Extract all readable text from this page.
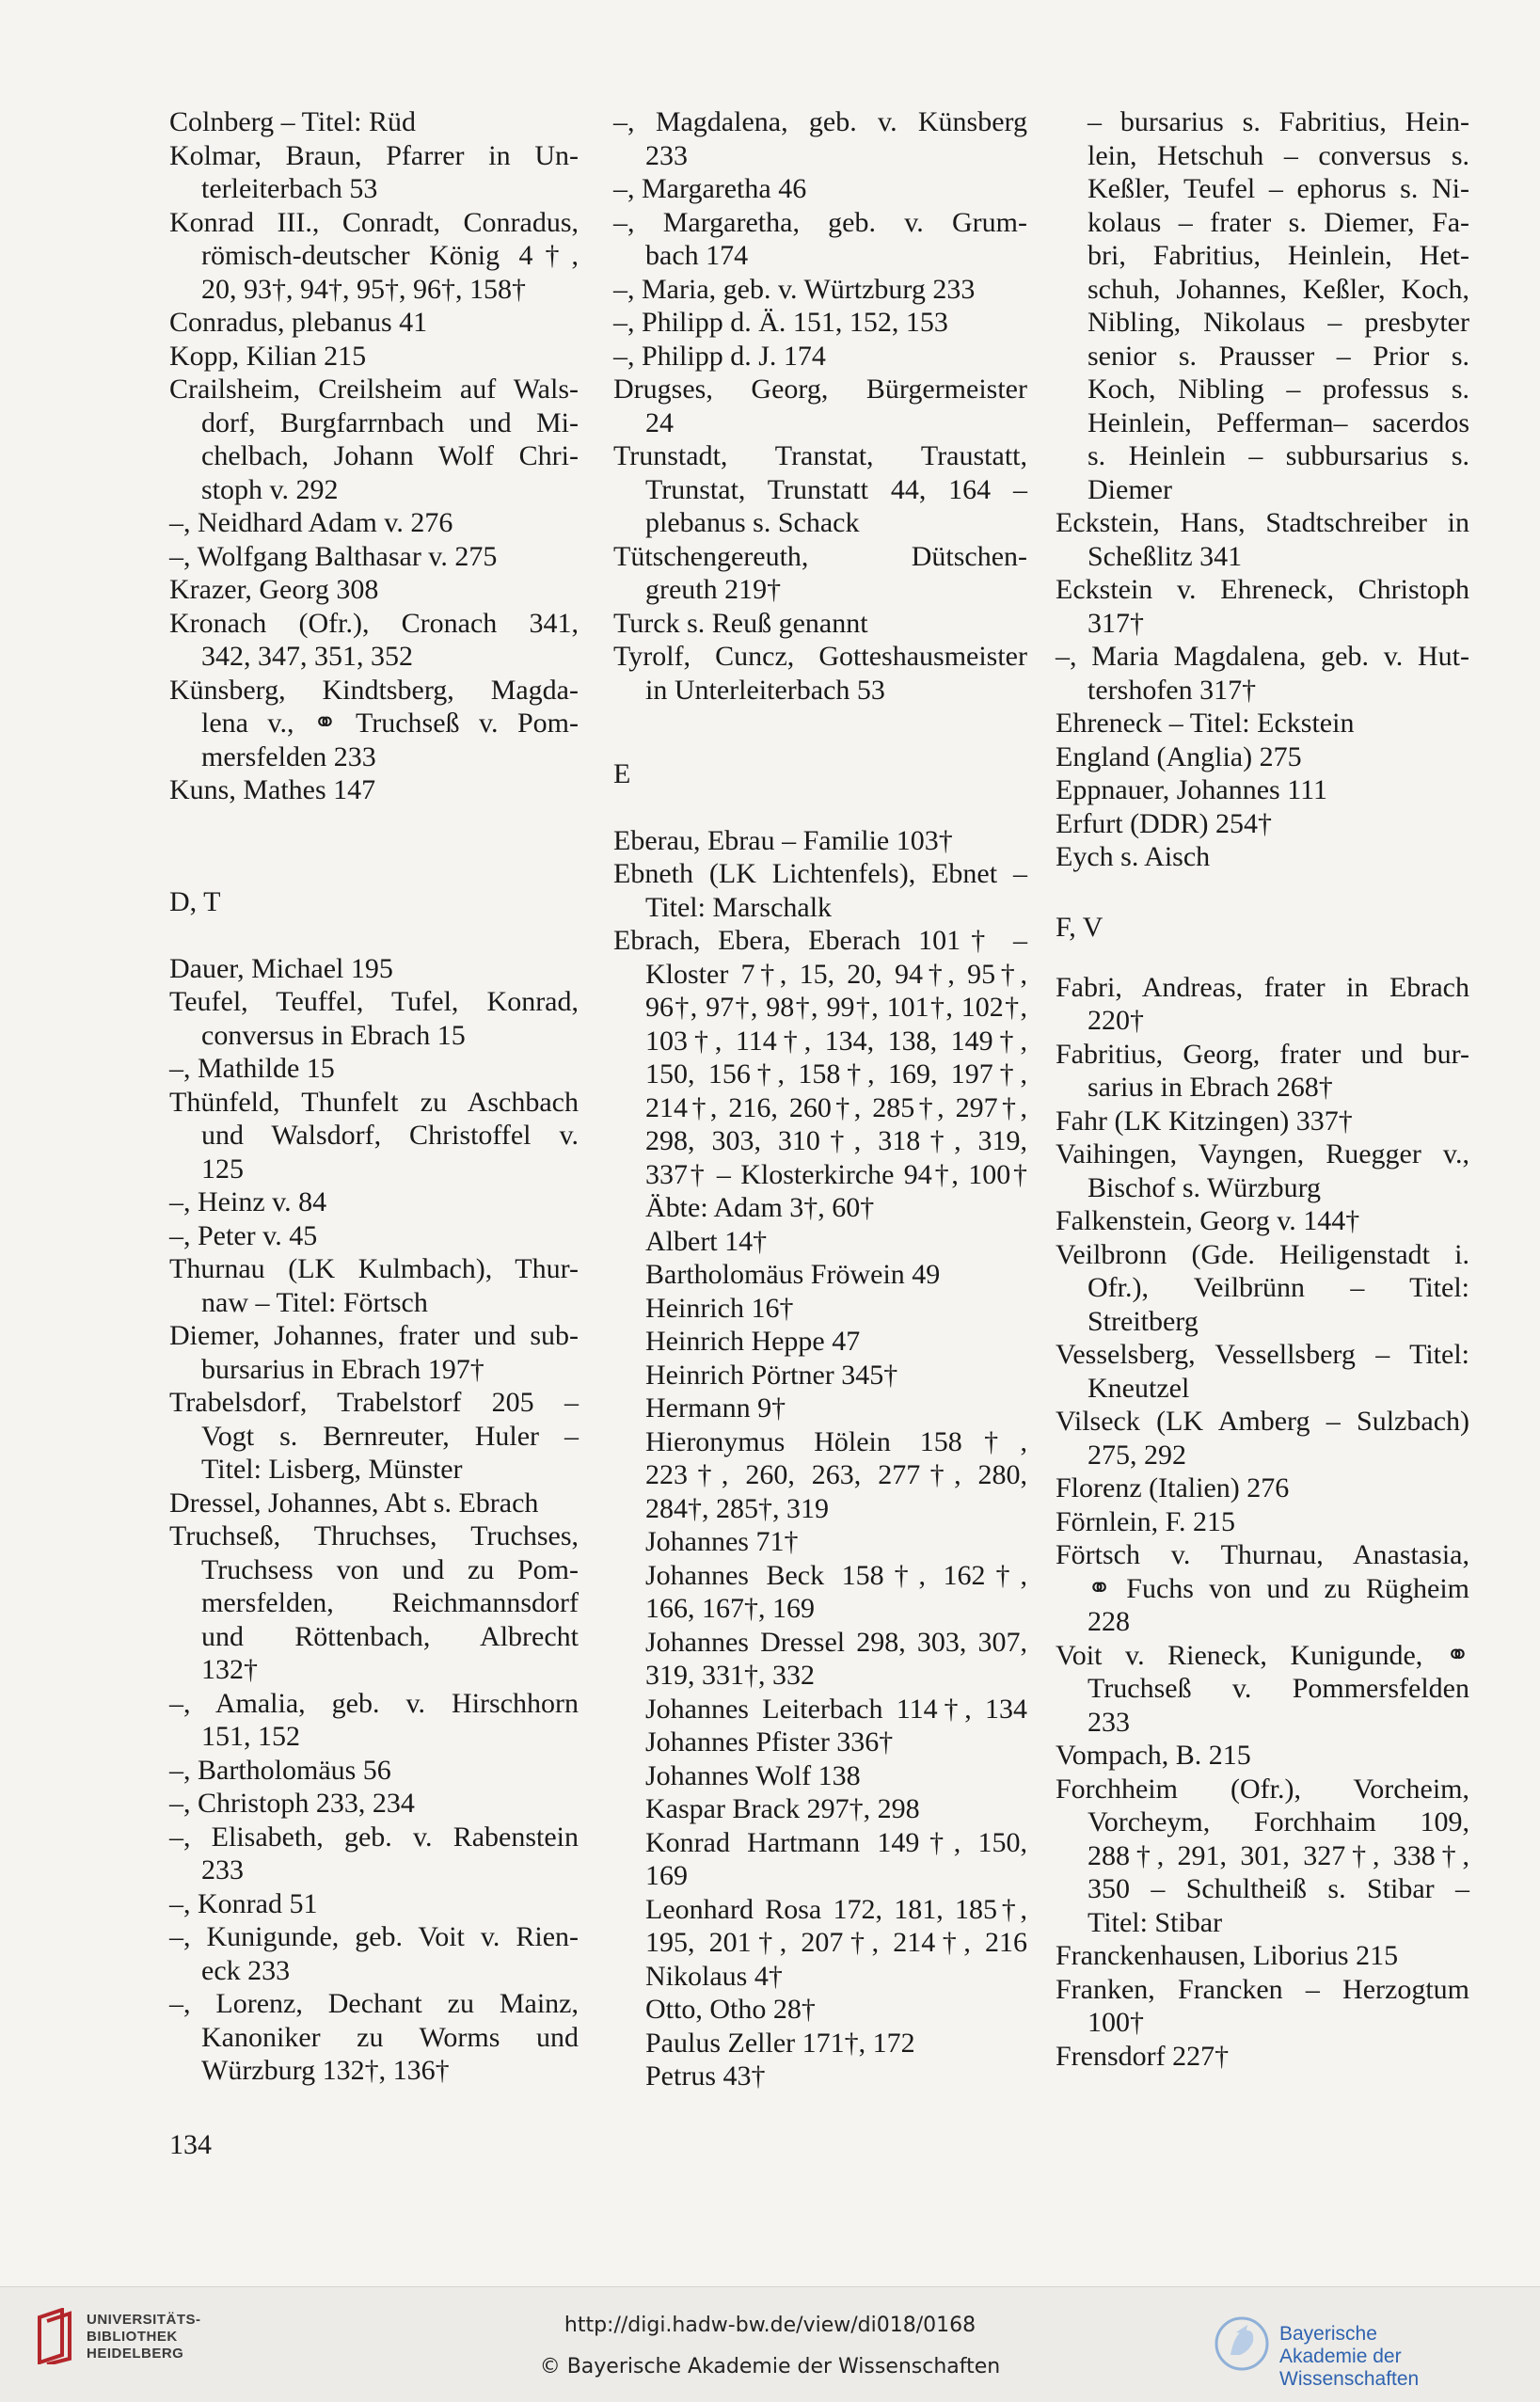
Colnberg – Titel: Rüd
Kolmar, Braun, Pfarrer in Un-
terleiterbach 53
Konrad III., Conradt, Conradus,
römisch-deutscher König 4†,
20, 93†, 94†, 95†, 96†, 158†
Conradus, plebanus 41
Kopp, Kilian 215
Crailsheim, Creilsheim auf Wals-
dorf, Burgfarrnbach und Mi-
chelbach, Johann Wolf Chri-
stoph v. 292
–, Neidhard Adam v. 276
–, Wolfgang Balthasar v. 275
Krazer, Georg 308
Kronach (Ofr.), Cronach 341,
342, 347, 351, 352
Künsberg, Kindtsberg, Magda-
lena v., ⚭ Truchseß v. Pom-
mersfelden 233
Kuns, Mathes 147
D, T
Dauer, Michael 195
Teufel, Teuffel, Tufel, Konrad,
conversus in Ebrach 15
–, Mathilde 15
Thünfeld, Thunfelt zu Aschbach
und Walsdorf, Christoffel v.
125
–, Heinz v. 84
–, Peter v. 45
Thurnau (LK Kulmbach), Thur-
naw – Titel: Förtsch
Diemer, Johannes, frater und sub-
bursarius in Ebrach 197†
Trabelsdorf, Trabelstorf 205 –
Vogt s. Bernreuter, Huler –
Titel: Lisberg, Münster
Dressel, Johannes, Abt s. Ebrach
Truchseß, Thruchses, Truchses,
Truchsess von und zu Pom-
mersfelden, Reichmannsdorf
und Röttenbach, Albrecht
132†
–, Amalia, geb. v. Hirschhorn
151, 152
–, Bartholomäus 56
–, Christoph 233, 234
–, Elisabeth, geb. v. Rabenstein
233
–, Konrad 51
–, Kunigunde, geb. Voit v. Rien-
eck 233
–, Lorenz, Dechant zu Mainz,
Kanoniker zu Worms und
Würzburg 132†, 136†
–, Magdalena, geb. v. Künsberg
233
–, Margaretha 46
–, Margaretha, geb. v. Grum-
bach 174
–, Maria, geb. v. Würtzburg 233
–, Philipp d. Ä. 151, 152, 153
–, Philipp d. J. 174
Drugses, Georg, Bürgermeister
24
Trunstadt, Transtat, Traustatt,
Trunstat, Trunstatt 44, 164 –
plebanus s. Schack
Tütschengereuth, Dütschen-
greuth 219†
Turck s. Reuß genannt
Tyrolf, Cuncz, Gotteshausmeister
in Unterleiterbach 53
E
Eberau, Ebrau – Familie 103†
Ebneth (LK Lichtenfels), Ebnet –
Titel: Marschalk
Ebrach, Ebera, Eberach 101† –
Kloster 7†, 15, 20, 94†, 95†,
96†, 97†, 98†, 99†, 101†, 102†,
103†, 114†, 134, 138, 149†,
150, 156†, 158†, 169, 197†,
214†, 216, 260†, 285†, 297†,
298, 303, 310†, 318†, 319,
337† – Klosterkirche 94†, 100†
Äbte: Adam 3†, 60†
Albert 14†
Bartholomäus Fröwein 49
Heinrich 16†
Heinrich Heppe 47
Heinrich Pörtner 345†
Hermann 9†
Hieronymus Hölein 158†,
223†, 260, 263, 277†, 280,
284†, 285†, 319
Johannes 71†
Johannes Beck 158†, 162†,
166, 167†, 169
Johannes Dressel 298, 303, 307,
319, 331†, 332
Johannes Leiterbach 114†, 134
Johannes Pfister 336†
Johannes Wolf 138
Kaspar Brack 297†, 298
Konrad Hartmann 149†, 150,
169
Leonhard Rosa 172, 181, 185†,
195, 201†, 207†, 214†, 216
Nikolaus 4†
Otto, Otho 28†
Paulus Zeller 171†, 172
Petrus 43†
– bursarius s. Fabritius, Hein-
lein, Hetschuh – conversus s.
Keßler, Teufel – ephorus s. Ni-
kolaus – frater s. Diemer, Fa-
bri, Fabritius, Heinlein, Het-
schuh, Johannes, Keßler, Koch,
Nibling, Nikolaus – presbyter
senior s. Prausser – Prior s.
Koch, Nibling – professus s.
Heinlein, Pefferman– sacerdos
s. Heinlein – subbursarius s.
Diemer
Eckstein, Hans, Stadtschreiber in
Scheßlitz 341
Eckstein v. Ehreneck, Christoph
317†
–, Maria Magdalena, geb. v. Hut-
tershofen 317†
Ehreneck – Titel: Eckstein
England (Anglia) 275
Eppnauer, Johannes 111
Erfurt (DDR) 254†
Eych s. Aisch
F, V
Fabri, Andreas, frater in Ebrach
220†
Fabritius, Georg, frater und bur-
sarius in Ebrach 268†
Fahr (LK Kitzingen) 337†
Vaihingen, Vayngen, Ruegger v.,
Bischof s. Würzburg
Falkenstein, Georg v. 144†
Veilbronn (Gde. Heiligenstadt i.
Ofr.), Veilbrünn – Titel:
Streitberg
Vesselsberg, Vessellsberg – Titel:
Kneutzel
Vilseck (LK Amberg – Sulzbach)
275, 292
Florenz (Italien) 276
Förnlein, F. 215
Förtsch v. Thurnau, Anastasia,
⚭ Fuchs von und zu Rügheim
228
Voit v. Rieneck, Kunigunde, ⚭
Truchseß v. Pommersfelden
233
Vompach, B. 215
Forchheim (Ofr.), Vorcheim,
Vorcheym, Forchhaim 109,
288†, 291, 301, 327†, 338†,
350 – Schultheiß s. Stibar –
Titel: Stibar
Franckenhausen, Liborius 215
Franken, Francken – Herzogtum
100†
Frensdorf 227†
134
UNIVERSITÄTS-
BIBLIOTHEK
HEIDELBERG
http://digi.hadw-bw.de/view/di018/0168
© Bayerische Akademie der Wissenschaften
Bayerische
Akademie der Wissenschaften
